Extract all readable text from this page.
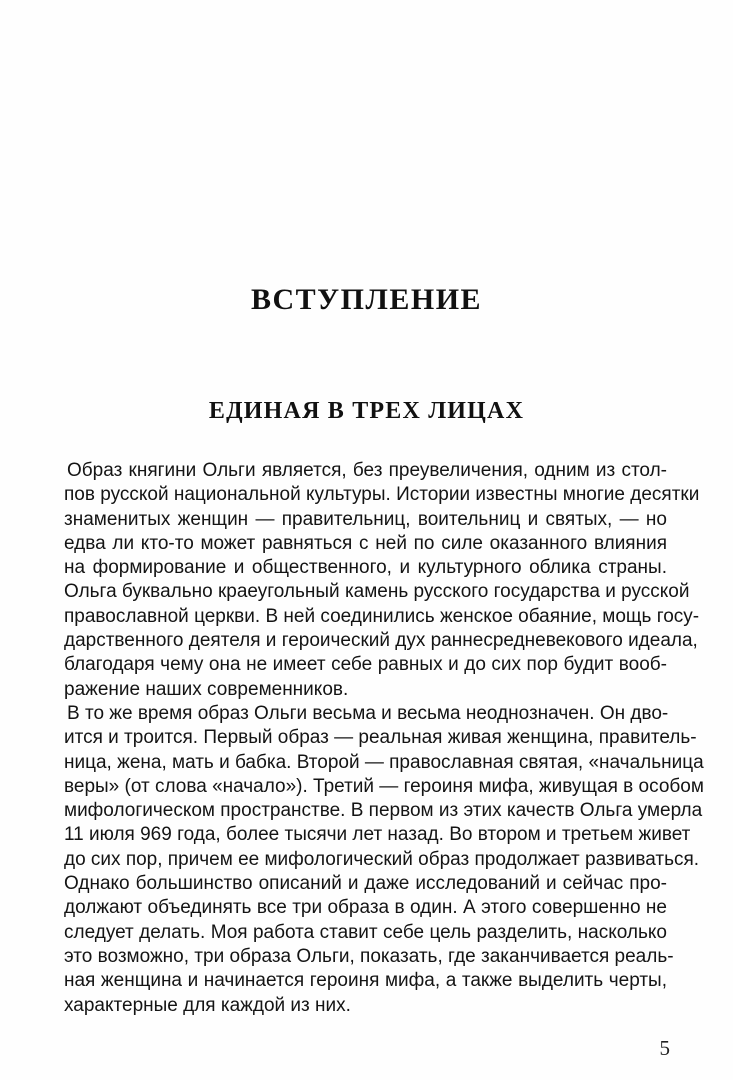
ВСТУПЛЕНИЕ
ЕДИНАЯ В ТРЕХ ЛИЦАХ
Образ княгини Ольги является, без преувеличения, одним из стол-
пов русской национальной культуры. Истории известны многие десятки
знаменитых женщин — правительниц, воительниц и святых, — но
едва ли кто-то может равняться с ней по силе оказанного влияния
на формирование и общественного, и культурного облика страны.
Ольга буквально краеугольный камень русского государства и русской
православной церкви. В ней соединились женское обаяние, мощь госу-
дарственного деятеля и героический дух раннесредневекового идеала,
благодаря чему она не имеет себе равных и до сих пор будит вооб-
ражение наших современников.
В то же время образ Ольги весьма и весьма неоднозначен. Он дво-
ится и троится. Первый образ — реальная живая женщина, правитель-
ница, жена, мать и бабка. Второй — православная святая, «начальница
веры» (от слова «начало»). Третий — героиня мифа, живущая в особом
мифологическом пространстве. В первом из этих качеств Ольга умерла
11 июля 969 года, более тысячи лет назад. Во втором и третьем живет
до сих пор, причем ее мифологический образ продолжает развиваться.
Однако большинство описаний и даже исследований и сейчас про-
должают объединять все три образа в один. А этого совершенно не
следует делать. Моя работа ставит себе цель разделить, насколько
это возможно, три образа Ольги, показать, где заканчивается реаль-
ная женщина и начинается героиня мифа, а также выделить черты,
характерные для каждой из них.
5
